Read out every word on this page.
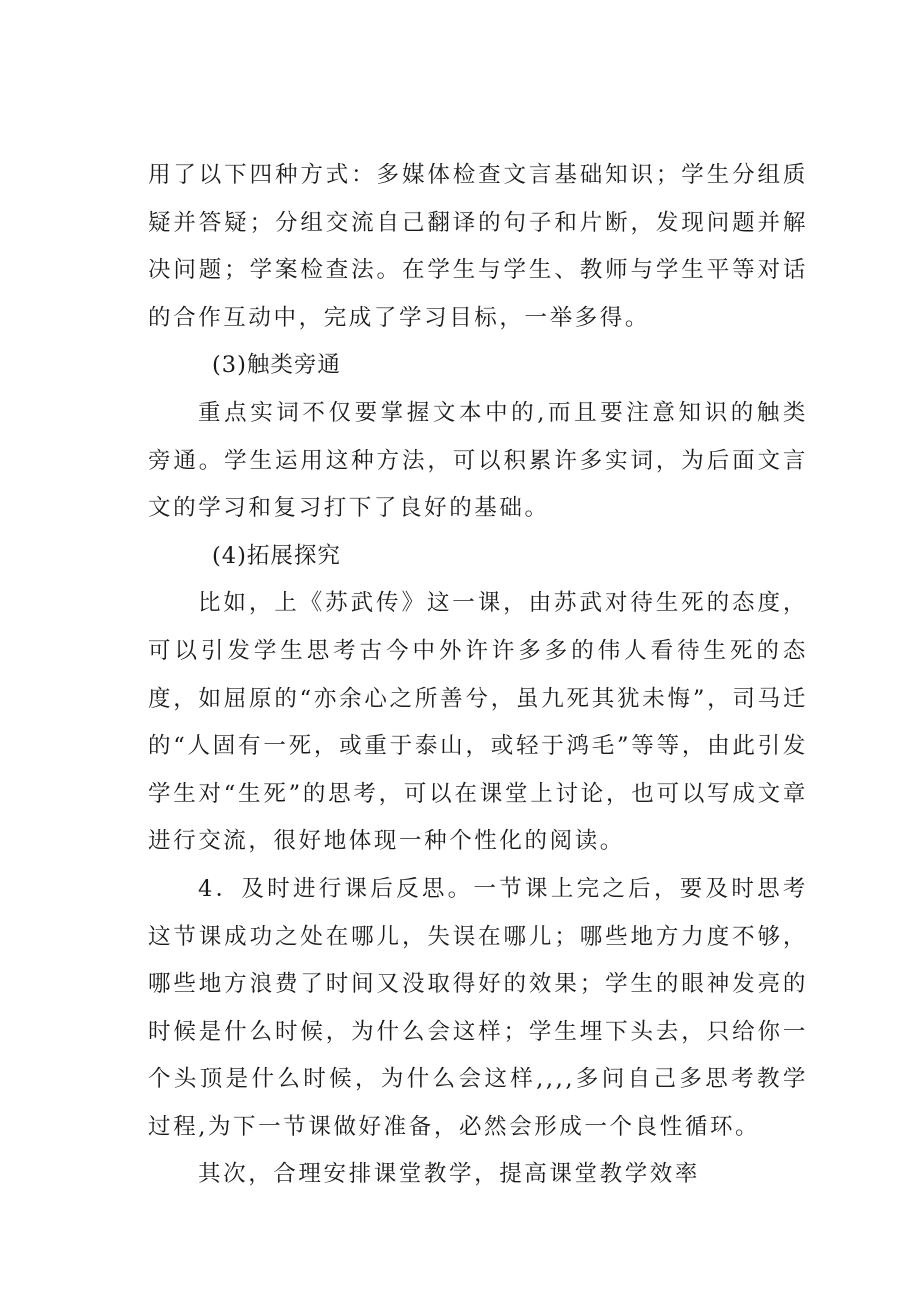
用了以下四种方式：多媒体检查文言基础知识；学生分组质疑并答疑；分组交流自己翻译的句子和片断，发现问题并解决问题；学案检查法。在学生与学生、教师与学生平等对话的合作互动中，完成了学习目标，一举多得。

(3)触类旁通

重点实词不仅要掌握文本中的,而且要注意知识的触类旁通。学生运用这种方法，可以积累许多实词，为后面文言文的学习和复习打下了良好的基础。

(4)拓展探究

比如，上《苏武传》这一课，由苏武对待生死的态度，可以引发学生思考古今中外许许多多的伟人看待生死的态度，如屈原的“亦余心之所善兮，虽九死其犹未悔”，司马迁的“人固有一死，或重于泰山，或轻于鸿毛”等等，由此引发学生对“生死”的思考，可以在课堂上讨论，也可以写成文章进行交流，很好地体现一种个性化的阅读。

4．及时进行课后反思。一节课上完之后，要及时思考这节课成功之处在哪儿，失误在哪儿；哪些地方力度不够，哪些地方浪费了时间又没取得好的效果；学生的眼神发亮的时候是什么时候，为什么会这样；学生埋下头去，只给你一个头顶是什么时候，为什么会这样,,,,多问自己多思考教学过程,为下一节课做好准备，必然会形成一个良性循环。

其次，合理安排课堂教学，提高课堂教学效率
